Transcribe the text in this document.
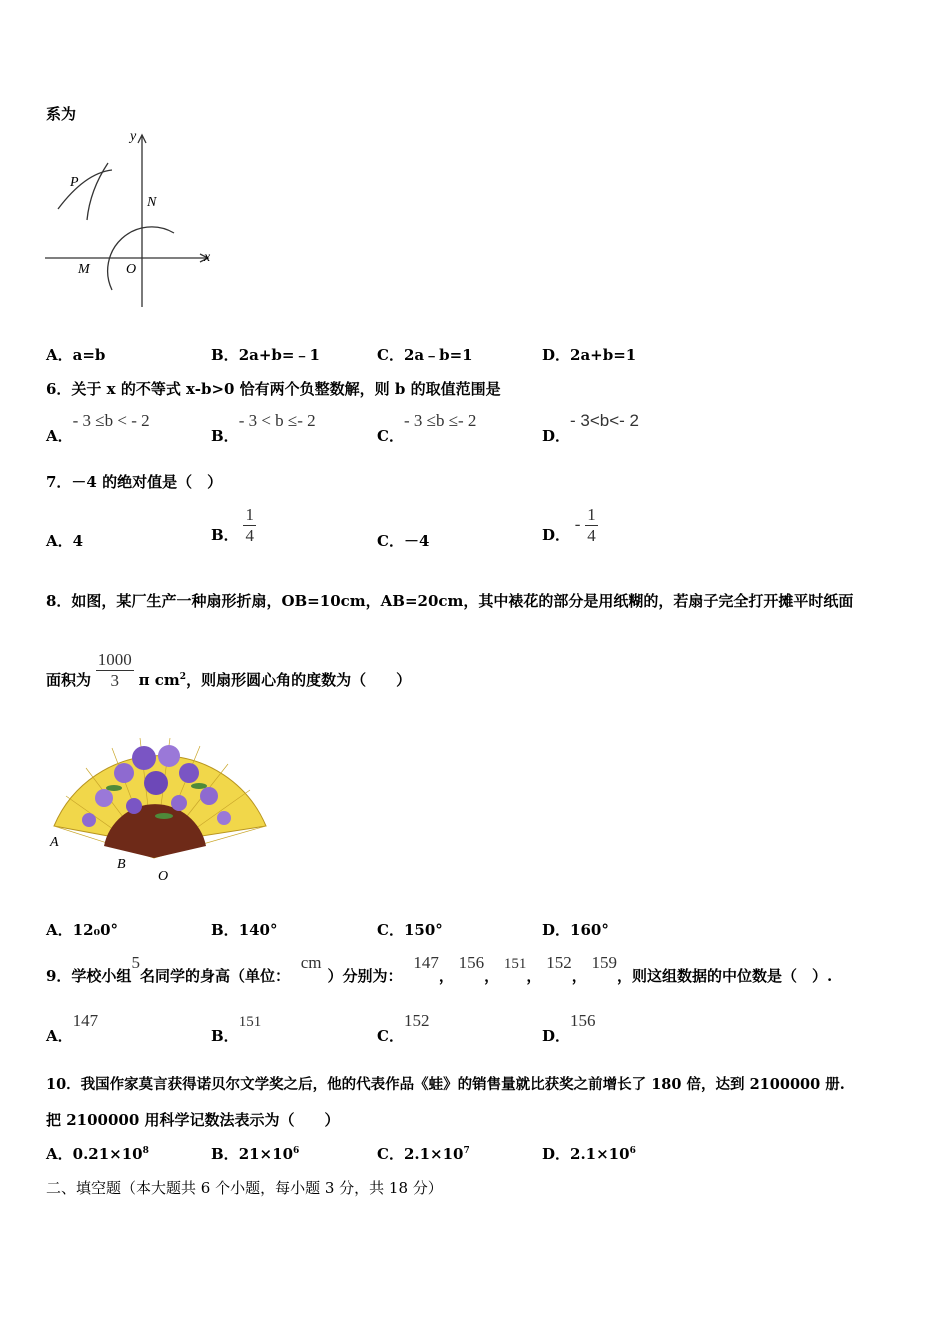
系为
y
x
P
N
M	O
A．a=b	B．2a+b=﹣1	C．2a﹣b=1	D．2a+b=1
6．关于 x 的不等式 x-b>0 恰有两个负整数解，则 b 的取值范围是
A．- 3 ≤b < - 2
B．- 3 < b ≤- 2
C．- 3 ≤b ≤- 2
D．- 3<b<- 2
7．－4 的绝对值是（　）
A．4	B． $\frac{1}{4}$	C．－4	D． - $\frac{1}{4}$
8．如图，某厂生产一种扇形折扇，OB=10cm，AB=20cm，其中裱花的部分是用纸糊的，若扇子完全打开摊平时纸面
面积为 $\frac{1000}{3}$ π $cm^2$，则扇形圆心角的度数为（　　）
A
B
O
A．12₀0°	B．140°	C．150°	D．160°
9．学校小组5名同学的身高（单位： cm）分别为： 147， 156， 151， 152， 159，则这组数据的中位数是（　）.
A．147
B．151
C．152
D．156
10．我国作家莫言获得诺贝尔文学奖之后，他的代表作品《蛙》的销售量就比获奖之前增长了 180 倍，达到 2100000 册.
把 2100000 用科学记数法表示为（　　）
A．$0.21\times 10^8$	B．$21\times 10^6$	C．$2.1\times 10^7$	D．$2.1\times 10^6$
二、填空题（本大题共 6 个小题，每小题 3 分，共 18 分）
